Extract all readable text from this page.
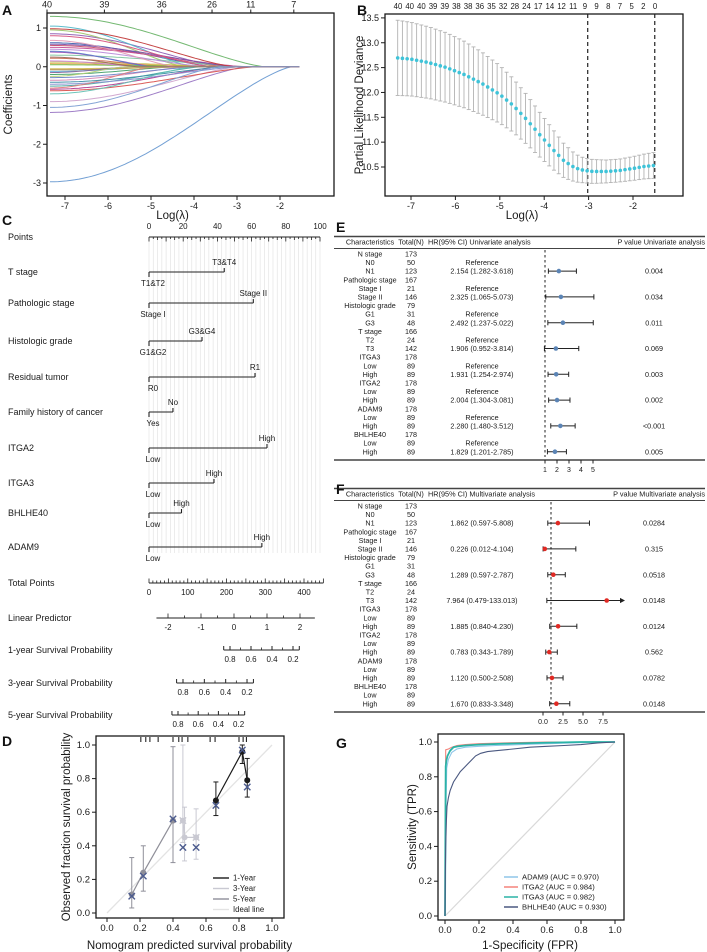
A	B
C
D
E
F
G
-7	-6	-5	-4	-3	-2
-3
-2
-1
0
1
40	39	36	26	11	7
Log(λ)
Coefficients
-7	-6	-5	-4	-3	-2
10.5
11.0
11.5
12.0
12.5
13.0
13.5
40 40 40 39 39 38 38 36 35 32 28 24 17 14 12 11 9 9 8 7 5 2 0
Log(λ)
Partial Likelihood Deviance
0	20	40	60	80	100
Points
T stage
T1&T2
T3&T4
Pathologic stage
Stage I
Stage II
Histologic grade
G1&G2
G3&G4
Residual tumor
R0
R1
Family history of cancer
Yes
No
ITGA2
Low
High
ITGA3
Low
High
BHLHE40
Low
High
ADAM9
Low
High
Total Points
0	100	200	300	400
Linear Predictor
-2	-1	0	1	2
1-year Survival Probability
0.8 0.6 0.4 0.2
3-year Survival Probability
0.8 0.6 0.4 0.2
5-year Survival Probability
0.8 0.6 0.4 0.2
0.0
0.0
0.2
0.2
0.4
0.4
0.6
0.6
0.8
0.8
1.0
1.0
1-Year
3-Year
5-Year
Ideal line
Nomogram predicted survival probability
Observed fraction survival probability
Characteristics Total(N) HR(95% CI) Univariate analysis	P value Univariate analysis
N stage	173
N0	50	Reference
N1	123	2.154 (1.282-3.618)	0.004
Pathologic stage 167
Stage I	21	Reference
Stage II	146	2.325 (1.065-5.073)	0.034
Histologic grade 79
G1	31	Reference
G3	48	2.492 (1.237-5.022)	0.011
T stage	166
T2	24	Reference
T3	142	1.906 (0.952-3.814)	0.069
ITGA3	178
Low	89	Reference
High	89	1.931 (1.254-2.974)	0.003
ITGA2	178
Low	89	Reference
High	89	2.004 (1.304-3.081)	0.002
ADAM9	178
Low	89	Reference
High	89	2.280 (1.480-3.512)	<0.001
BHLHE40	178
Low	89	Reference
High	89	1.829 (1.201-2.785)	0.005
1 2 3 4 5
Characteristics Total(N) HR(95% CI) Multivariate analysis	P value Multivariate analysis
N stage	173
N0	50
N1	123	1.862 (0.597-5.808)	0.0284
Pathologic stage 167
Stage I	21
Stage II	146	0.226 (0.012-4.104)	0.315
Histologic grade 79
G1	31
G3	48	1.289 (0.597-2.787)	0.0518
T stage	166
T2	24
T3	142	7.964 (0.479-133.013)	0.0148
ITGA3	178
Low	89
High	89	1.885 (0.840-4.230)	0.0124
ITGA2	178
Low	89
High	89	0.783 (0.343-1.789)	0.562
ADAM9	178
Low	89
High	89	1.120 (0.500-2.508)	0.0782
BHLHE40	178
Low	89
High	89	1.670 (0.833-3.348)	0.0148
0.0 2.5 5.0 7.5
0.0
0.0
0.2
0.2
0.4
0.4
0.6
0.6
0.8
0.8
1.0
1.0
ADAM9 (AUC = 0.970)
ITGA2 (AUC = 0.984)
ITGA3 (AUC = 0.982)
BHLHE40 (AUC = 0.930)
1-Specificity (FPR)
Sensitivity (TPR)
